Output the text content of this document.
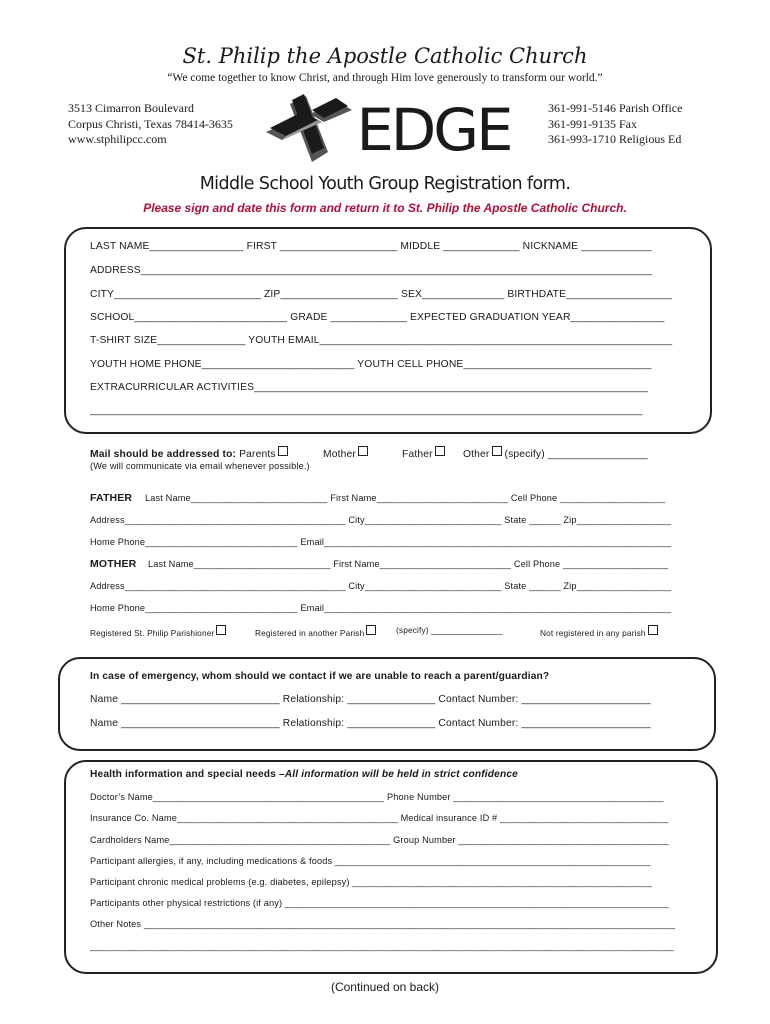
St. Philip the Apostle Catholic Church
“We come together to know Christ, and through Him love generously to transform our world.”
3513 Cimarron Boulevard
Corpus Christi, Texas 78414-3635
www.stphilipcc.com
361-991-5146 Parish Office
361-991-9135 Fax
361-993-1710 Religious Ed
EDGE
Middle School Youth Group Registration form.
Please sign and date this form and return it to St. Philip the Apostle Catholic Church.
LAST NAME________________ FIRST ____________________ MIDDLE _____________ NICKNAME ____________
ADDRESS_______________________________________________________________________________________
CITY_________________________ ZIP____________________ SEX______________ BIRTHDATE__________________
SCHOOL__________________________ GRADE _____________ EXPECTED GRADUATION YEAR________________
T-SHIRT SIZE_______________ YOUTH EMAIL____________________________________________________________
YOUTH HOME PHONE__________________________ YOUTH CELL PHONE________________________________
EXTRACURRICULAR ACTIVITIES___________________________________________________________________
______________________________________________________________________________________________
Mail should be addressed to: Parents	Mother	Father	Other (specify) _________________
(We will communicate via email whenever possible.)
FATHER Last Name__________________________ First Name_________________________ Cell Phone ____________________
Address__________________________________________ City__________________________ State ______ Zip__________________
Home Phone_____________________________ Email__________________________________________________________________
MOTHER Last Name__________________________ First Name_________________________ Cell Phone ____________________
Address__________________________________________ City__________________________ State ______ Zip__________________
Home Phone_____________________________ Email__________________________________________________________________
Registered St. Philip Parishioner	Registered in another Parish	(specify) _______________	Not registered in any parish
In case of emergency, whom should we contact if we are unable to reach a parent/guardian?
Name ___________________________ Relationship: _______________ Contact Number: ______________________
Name ___________________________ Relationship: _______________ Contact Number: ______________________
Health information and special needs –All information will be held in strict confidence
Doctor’s Name____________________________________________ Phone Number ________________________________________
Insurance Co. Name__________________________________________ Medical insurance ID # ________________________________
Cardholders Name__________________________________________ Group Number ________________________________________
Participant allergies, if any, including medications & foods ____________________________________________________________
Participant chronic medical problems (e.g. diabetes, epilepsy) _________________________________________________________
Participants other physical restrictions (if any) _________________________________________________________________________
Other Notes _____________________________________________________________________________________________________
_______________________________________________________________________________________________________________
(Continued on back)
